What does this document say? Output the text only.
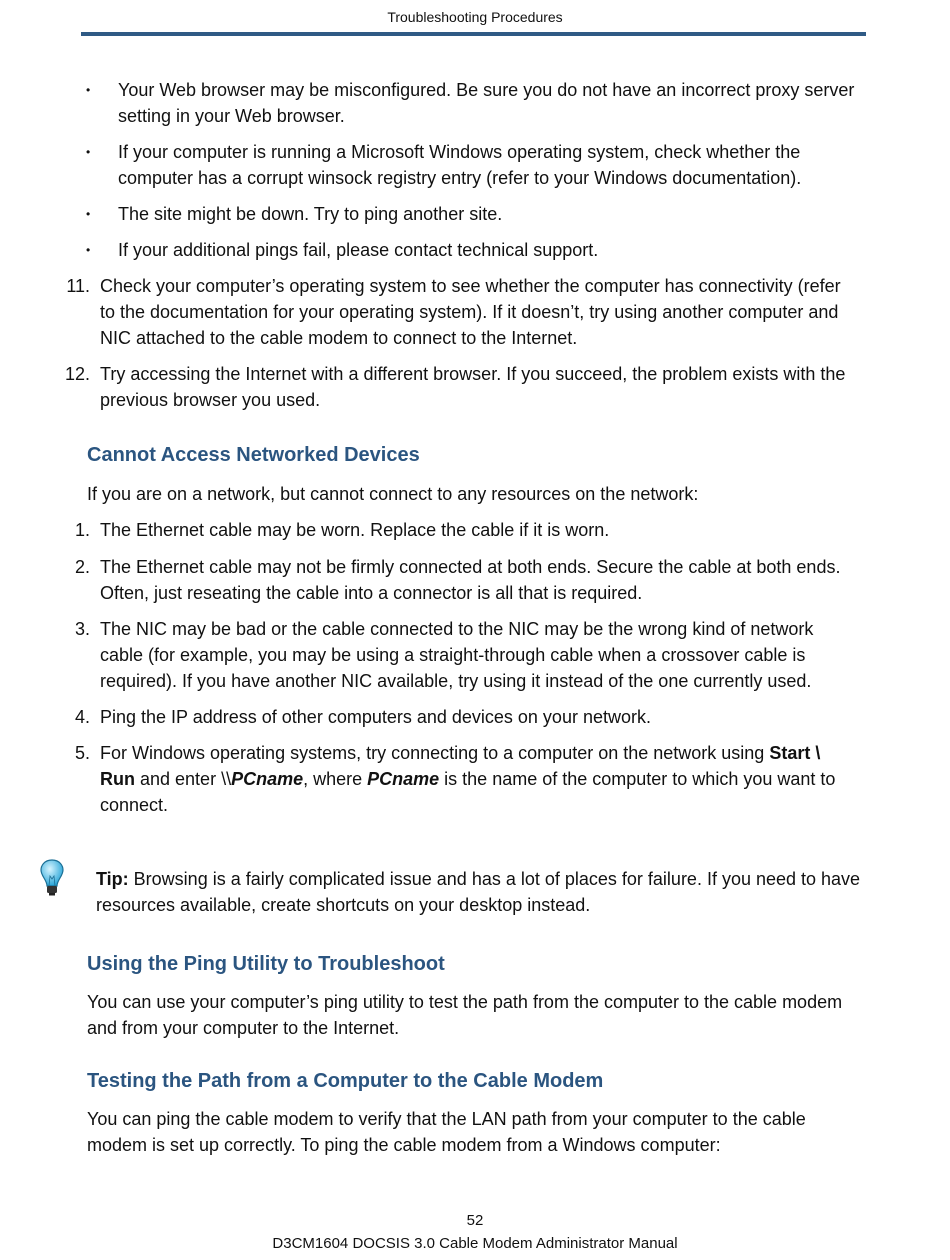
Troubleshooting Procedures
• Your Web browser may be misconfigured. Be sure you do not have an incorrect proxy server setting in your Web browser.
• If your computer is running a Microsoft Windows operating system, check whether the computer has a corrupt winsock registry entry (refer to your Windows documentation).
• The site might be down. Try to ping another site.
• If your additional pings fail, please contact technical support.
11. Check your computer’s operating system to see whether the computer has connectivity (refer to the documentation for your operating system). If it doesn’t, try using another computer and NIC attached to the cable modem to connect to the Internet.
12. Try accessing the Internet with a different browser. If you succeed, the problem exists with the previous browser you used.
Cannot Access Networked Devices
If you are on a network, but cannot connect to any resources on the network:
1. The Ethernet cable may be worn. Replace the cable if it is worn.
2. The Ethernet cable may not be firmly connected at both ends. Secure the cable at both ends. Often, just reseating the cable into a connector is all that is required.
3. The NIC may be bad or the cable connected to the NIC may be the wrong kind of network cable (for example, you may be using a straight-through cable when a crossover cable is required). If you have another NIC available, try using it instead of the one currently used.
4. Ping the IP address of other computers and devices on your network.
5. For Windows operating systems, try connecting to a computer on the network using Start \ Run and enter \\PCname, where PCname is the name of the computer to which you want to connect.
Tip: Browsing is a fairly complicated issue and has a lot of places for failure. If you need to have resources available, create shortcuts on your desktop instead.
Using the Ping Utility to Troubleshoot
You can use your computer’s ping utility to test the path from the computer to the cable modem and from your computer to the Internet.
Testing the Path from a Computer to the Cable Modem
You can ping the cable modem to verify that the LAN path from your computer to the cable modem is set up correctly. To ping the cable modem from a Windows computer:
52
D3CM1604 DOCSIS 3.0 Cable Modem Administrator Manual
